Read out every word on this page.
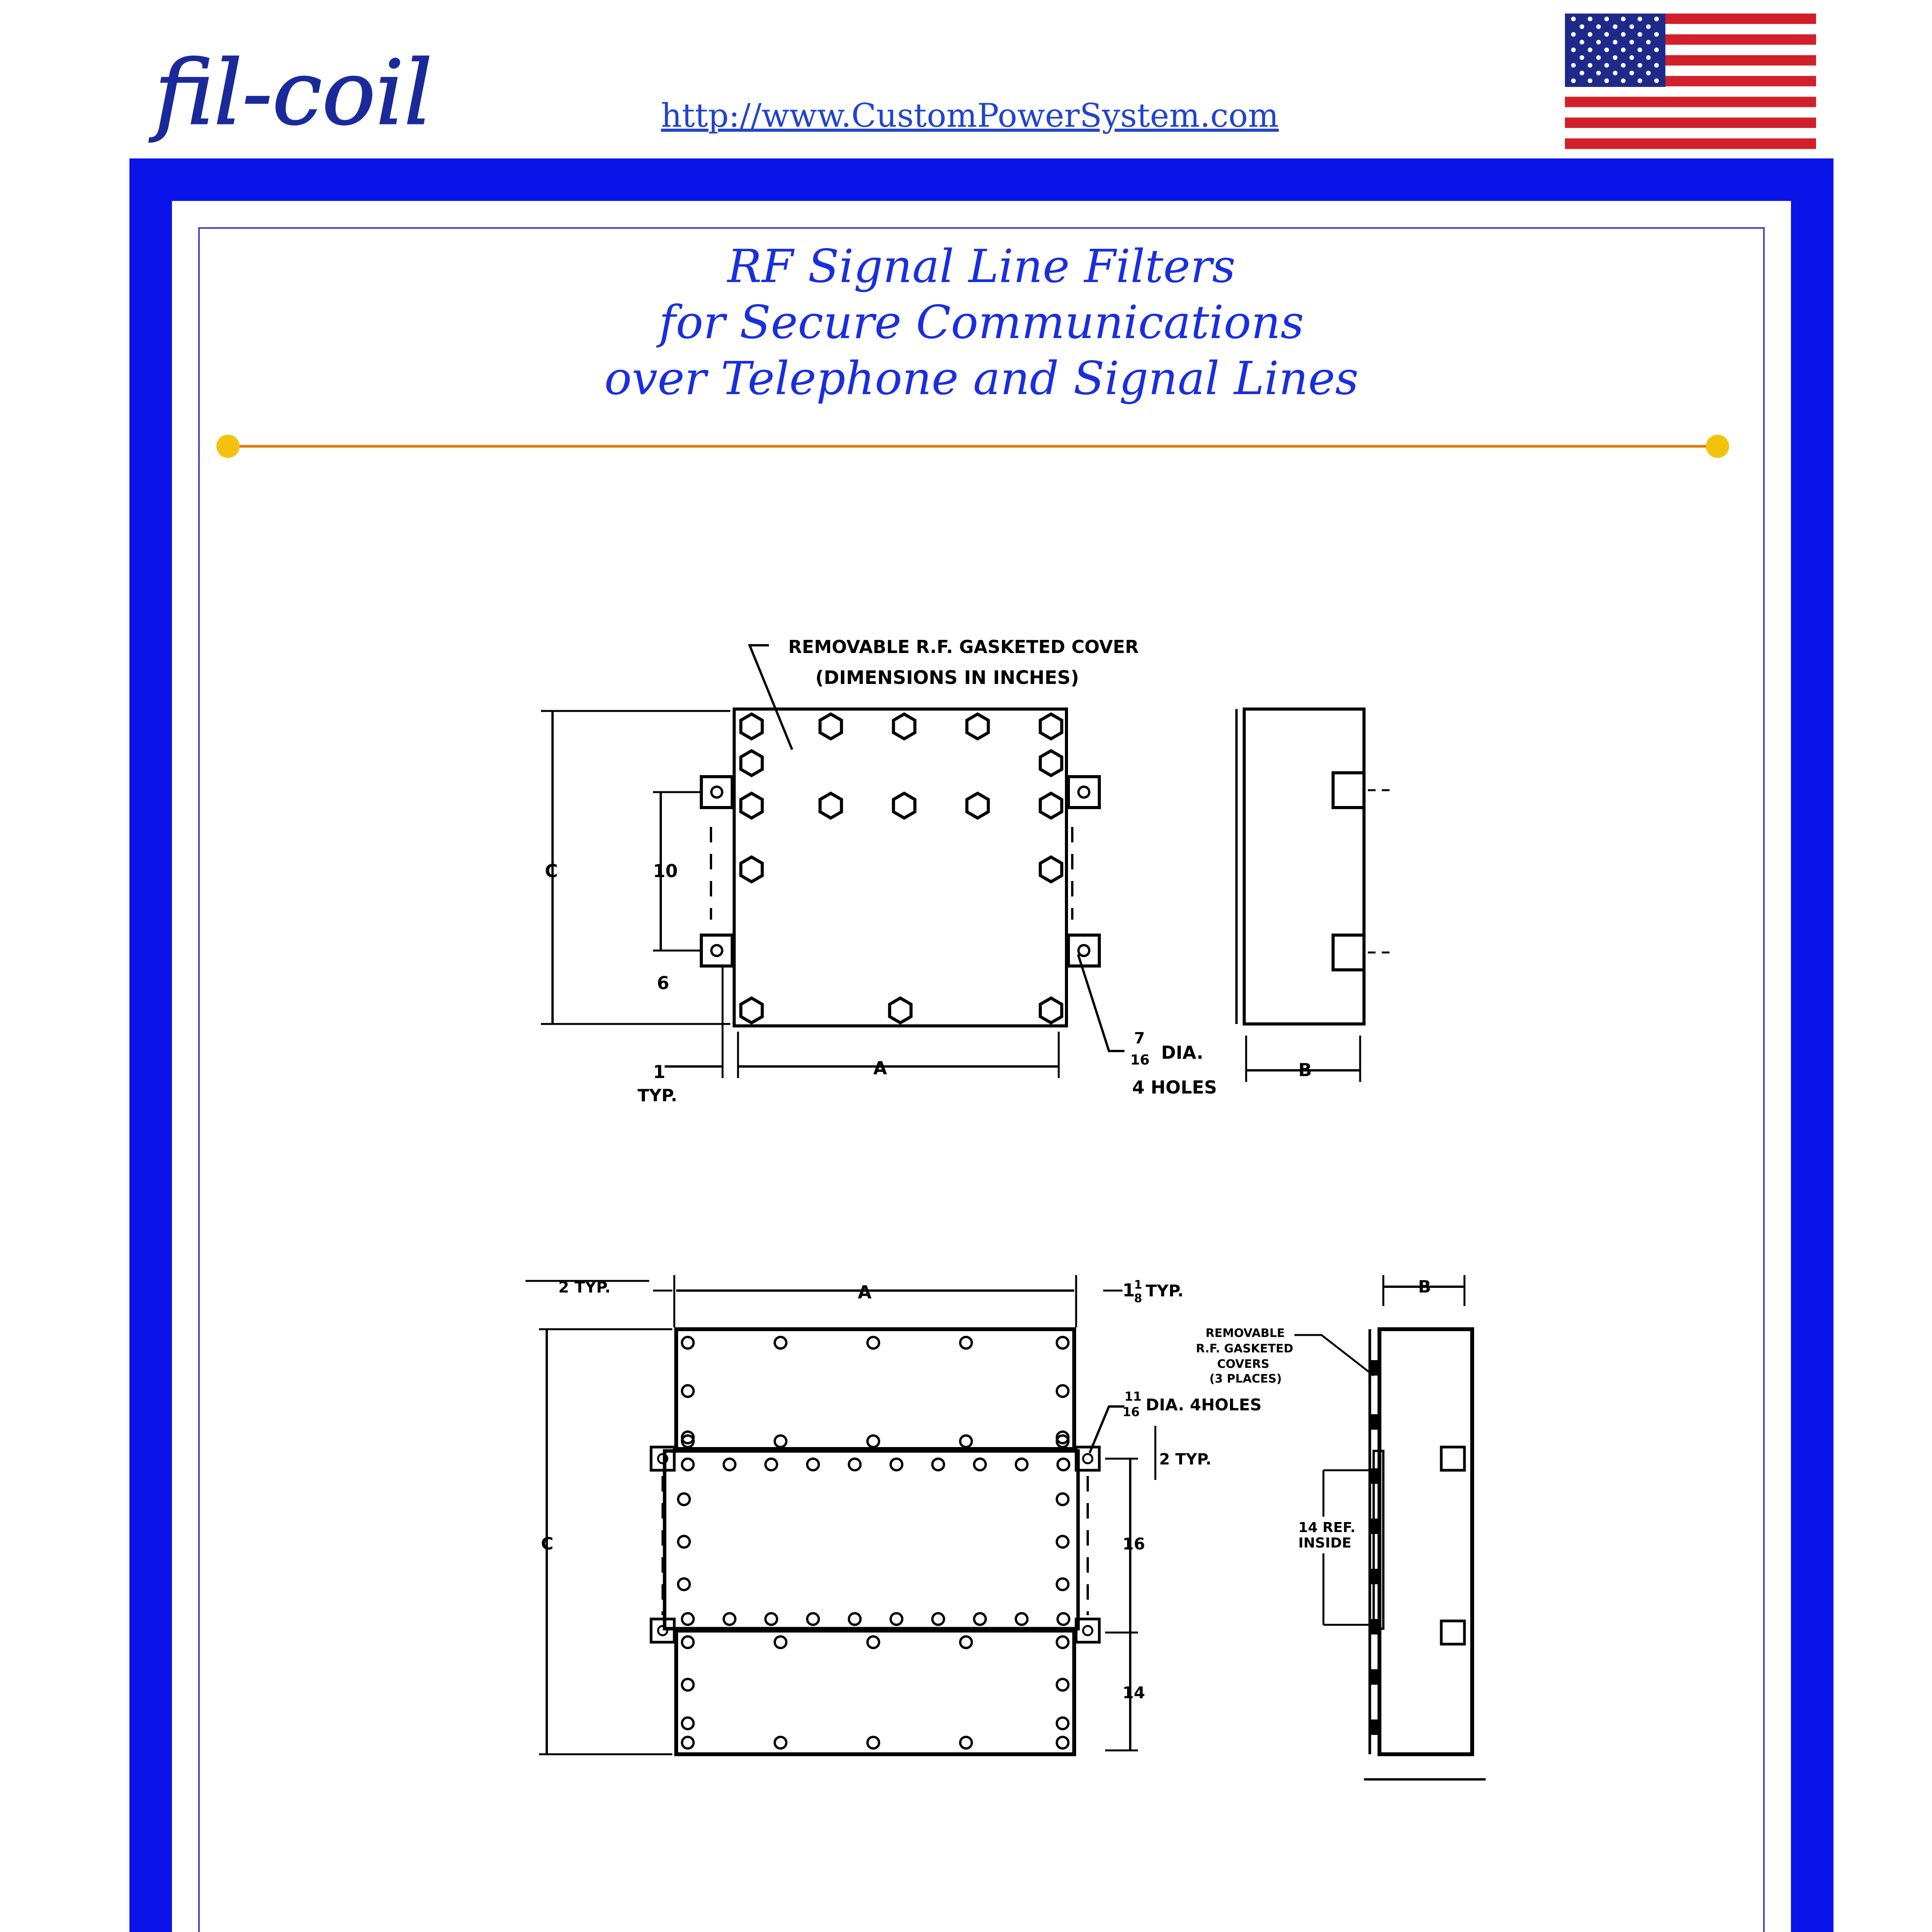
fil-coil	http://www.CustomPowerSystem.com
RF Signal Line Filters
for Secure Communications
over Telephone and Signal Lines
REMOVABLE R.F. GASKETED COVER
(DIMENSIONS IN INCHES)
C	10
6
1
TYP.
A
7
16 DIA.
4 HOLES
B
2 TYP.	A	1
1
8 TYP.	B
REMOVABLE
R.F. GASKETED
COVERS
(3 PLACES)
11
16 DIA. 4HOLES
2 TYP.
C	16
14
14 REF.
INSIDE
